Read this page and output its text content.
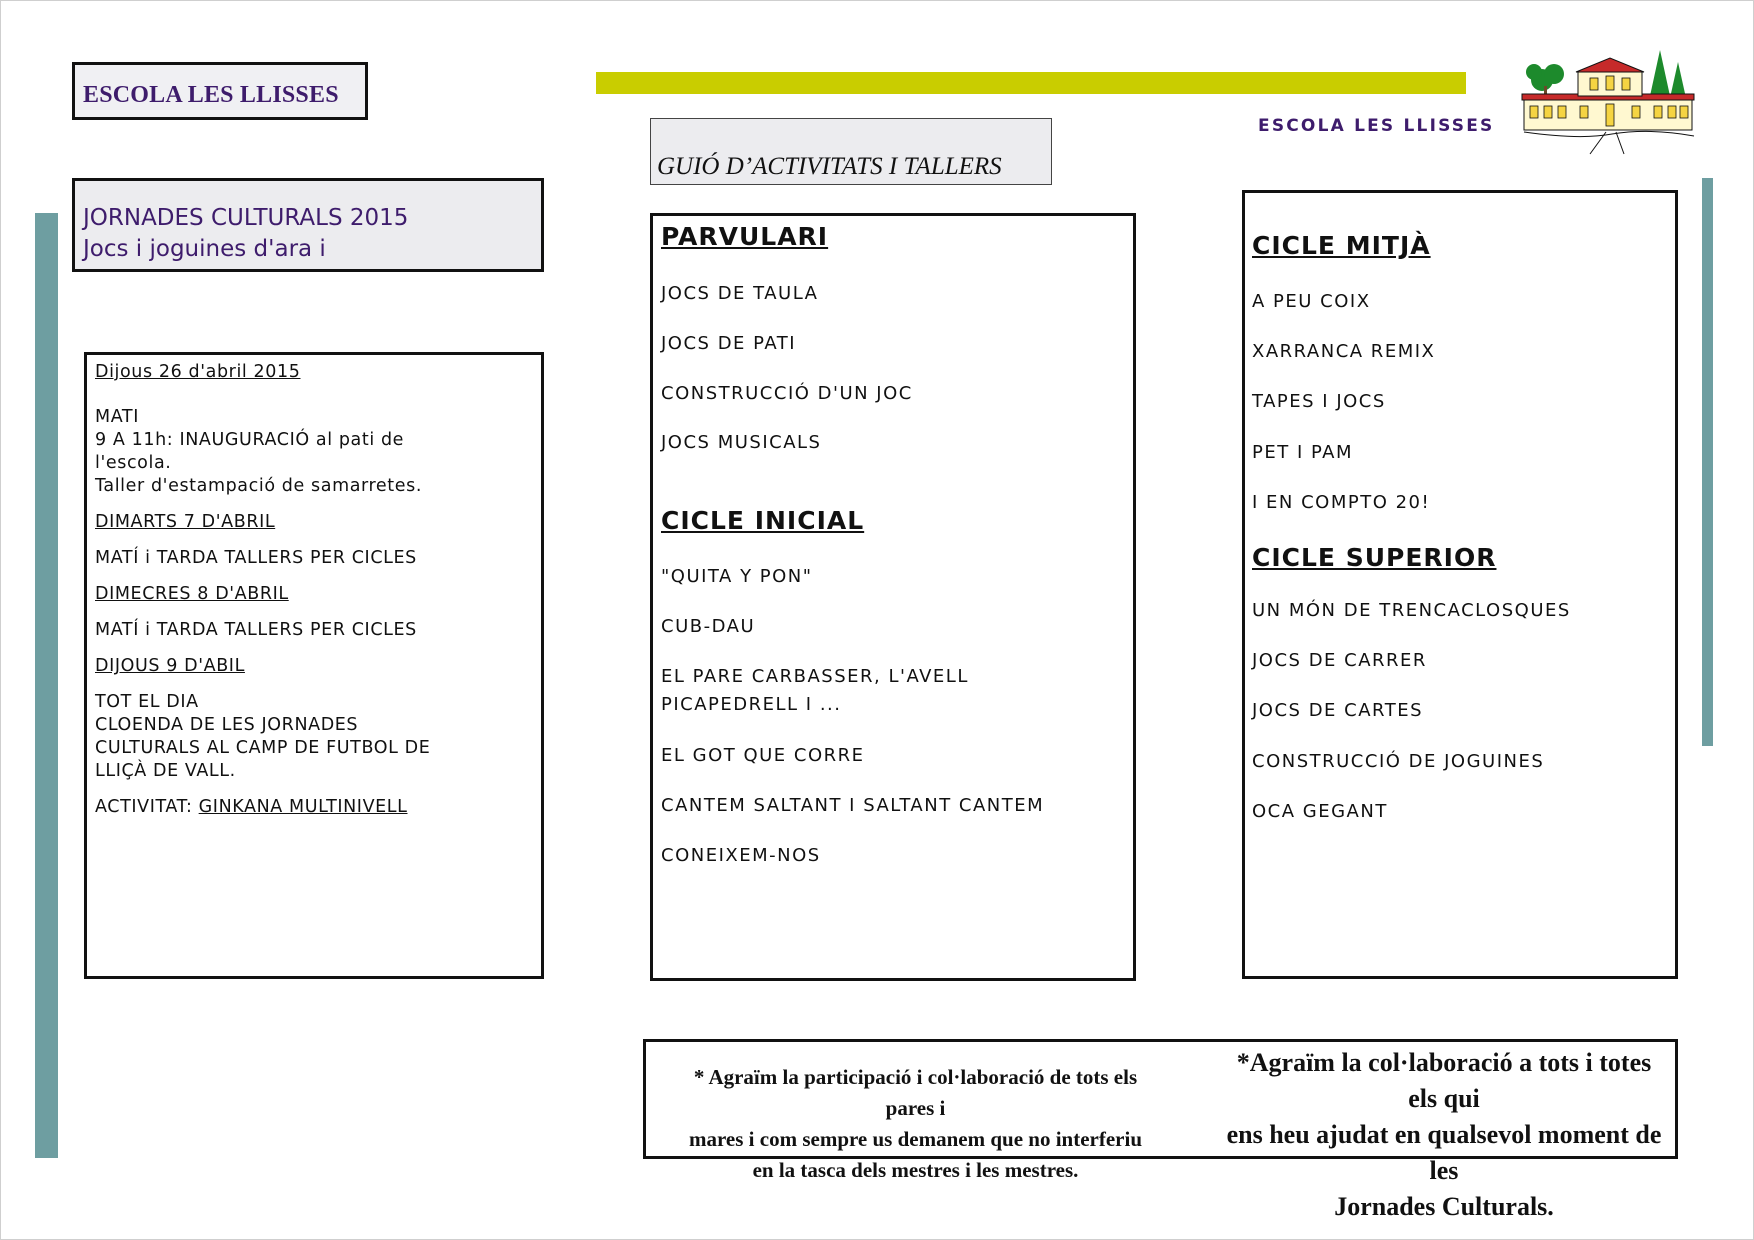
ESCOLA LES LLISSES
ESCOLA LES LLISSES
JORNADES CULTURALS 2015
Jocs i joguines d'ara i
GUIÓ D’ACTIVITATS I TALLERS
Dijous 26 d'abril 2015
MATI
9 A 11h: INAUGURACIÓ al pati de
l'escola.
Taller d'estampació de samarretes.
DIMARTS 7 D'ABRIL
MATÍ i TARDA TALLERS PER CICLES
DIMECRES 8 D'ABRIL
MATÍ i TARDA TALLERS PER CICLES
DIJOUS 9 D'ABIL
TOT EL DIA
CLOENDA DE LES JORNADES
CULTURALS AL CAMP DE FUTBOL DE
LLIÇÀ DE VALL.
ACTIVITAT: GINKANA MULTINIVELL
PARVULARI
JOCS DE TAULA
JOCS DE PATI
CONSTRUCCIÓ D'UN JOC
JOCS MUSICALS
CICLE INICIAL
"QUITA Y PON"
CUB-DAU
EL PARE CARBASSER, L'AVELL
PICAPEDRELL I ...
EL GOT QUE CORRE
CANTEM SALTANT I SALTANT CANTEM
CONEIXEM-NOS
CICLE MITJÀ
A PEU COIX
XARRANCA REMIX
TAPES I JOCS
PET I PAM
I EN COMPTO 20!
CICLE SUPERIOR
UN MÓN DE TRENCACLOSQUES
JOCS DE CARRER
JOCS DE CARTES
CONSTRUCCIÓ DE JOGUINES
OCA GEGANT
* Agraïm la participació i col·laboració de tots els pares i
mares i com sempre us demanem que no interferiu
en la tasca dels mestres i les mestres.
*Agraïm la col·laboració a tots i totes els qui
ens heu ajudat en qualsevol moment de les
Jornades Culturals.
